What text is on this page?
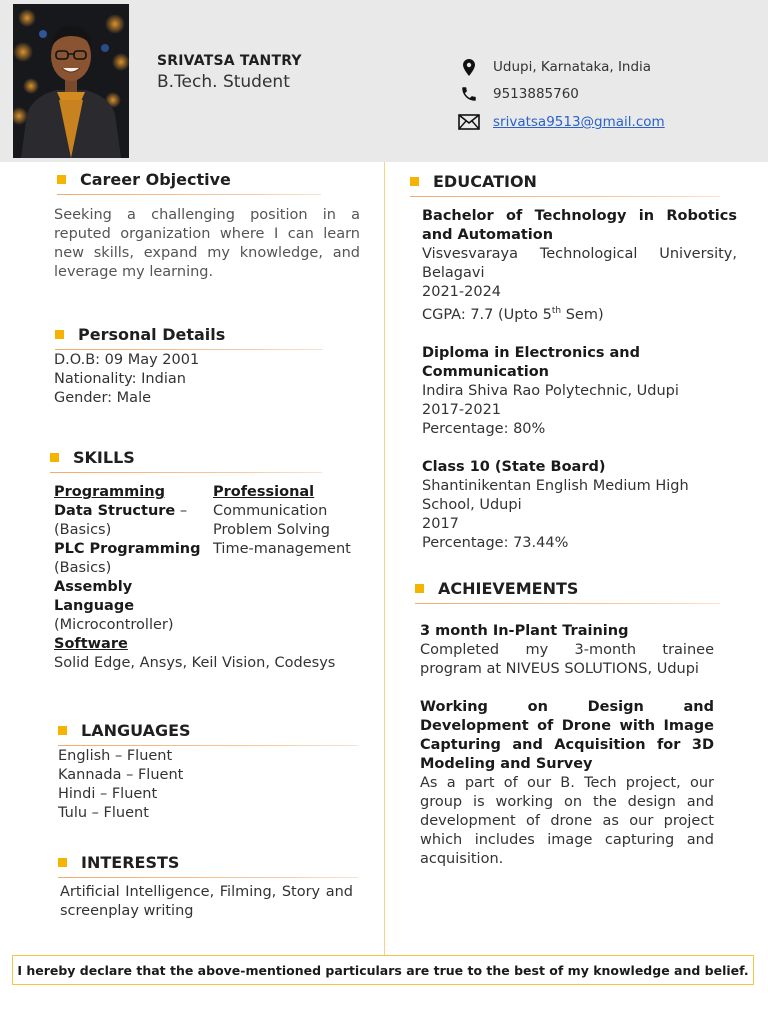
SRIVATSA TANTRY
B.Tech. Student
Udupi, Karnataka, India
9513885760
srivatsa9513@gmail.com
Career Objective
Seeking a challenging position in a reputed organization where I can learn new skills, expand my knowledge, and leverage my learning.
Personal Details
D.O.B: 09 May 2001
Nationality: Indian
Gender: Male
SKILLS
Programming
Data Structure –
(Basics)
PLC Programming
(Basics)
Assembly Language
(Microcontroller)
Professional
Communication
Problem Solving
Time-management
Software
Solid Edge, Ansys, Keil Vision, Codesys
LANGUAGES
English – Fluent
Kannada – Fluent
Hindi – Fluent
Tulu – Fluent
INTERESTS
Artificial Intelligence, Filming, Story and screenplay writing
EDUCATION
Bachelor of Technology in Robotics and Automation
Visvesvaraya Technological University, Belagavi
2021-2024
CGPA: 7.7 (Upto 5th Sem)
Diploma in Electronics and Communication
Indira Shiva Rao Polytechnic, Udupi
2017-2021
Percentage: 80%
Class 10 (State Board)
Shantinikentan English Medium High School, Udupi
2017
Percentage: 73.44%
ACHIEVEMENTS
3 month In-Plant Training
Completed my 3-month trainee program at NIVEUS SOLUTIONS, Udupi
Working on Design and Development of Drone with Image Capturing and Acquisition for 3D Modeling and Survey
As a part of our B. Tech project, our group is working on the design and development of drone as our project which includes image capturing and acquisition.
I hereby declare that the above-mentioned particulars are true to the best of my knowledge and belief.
